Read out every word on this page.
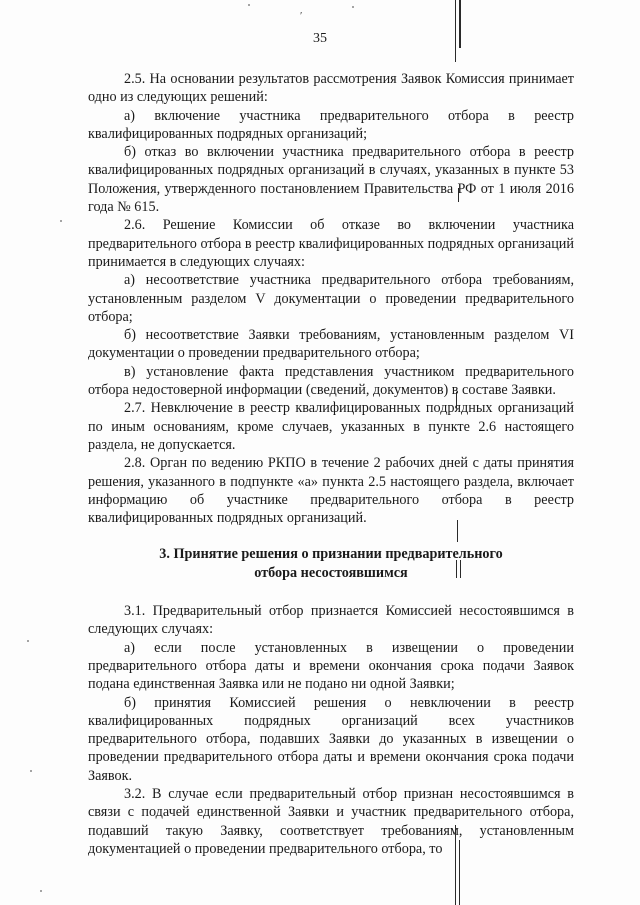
′
35

2.5. На основании результатов рассмотрения Заявок Комиссия принимает одно из следующих решений:

а) включение участника предварительного отбора в реестр квалифицированных подрядных организаций;

б) отказ во включении участника предварительного отбора в реестр квалифицированных подрядных организаций в случаях, указанных в пункте 53 Положения, утвержденного постановлением Правительства РФ от 1 июля 2016 года № 615.

2.6. Решение Комиссии об отказе во включении участника предварительного отбора в реестр квалифицированных подрядных организаций принимается в следующих случаях:

а) несоответствие участника предварительного отбора требованиям, установленным разделом V документации о проведении предварительного отбора;

б) несоответствие Заявки требованиям, установленным разделом VI документации о проведении предварительного отбора;

в) установление факта представления участником предварительного отбора недостоверной информации (сведений, документов) в составе Заявки.

2.7. Невключение в реестр квалифицированных подрядных организаций по иным основаниям, кроме случаев, указанных в пункте 2.6 настоящего раздела, не допускается.

2.8. Орган по ведению РКПО в течение 2 рабочих дней с даты принятия решения, указанного в подпункте «а» пункта 2.5 настоящего раздела, включает информацию об участнике предварительного отбора в реестр квалифицированных подрядных организаций.

3. Принятие решения о признании предварительного
отбора несостоявшимся

3.1. Предварительный отбор признается Комиссией несостоявшимся в следующих случаях:

а) если после установленных в извещении о проведении предварительного отбора даты и времени окончания срока подачи Заявок подана единственная Заявка или не подано ни одной Заявки;

б) принятия Комиссией решения о невключении в реестр квалифицированных подрядных организаций всех участников предварительного отбора, подавших Заявки до указанных в извещении о проведении предварительного отбора даты и времени окончания срока подачи Заявок.

3.2. В случае если предварительный отбор признан несостоявшимся в связи с подачей единственной Заявки и участник предварительного отбора, подавший такую Заявку, соответствует требованиям, установленным документацией о проведении предварительного отбора, то
